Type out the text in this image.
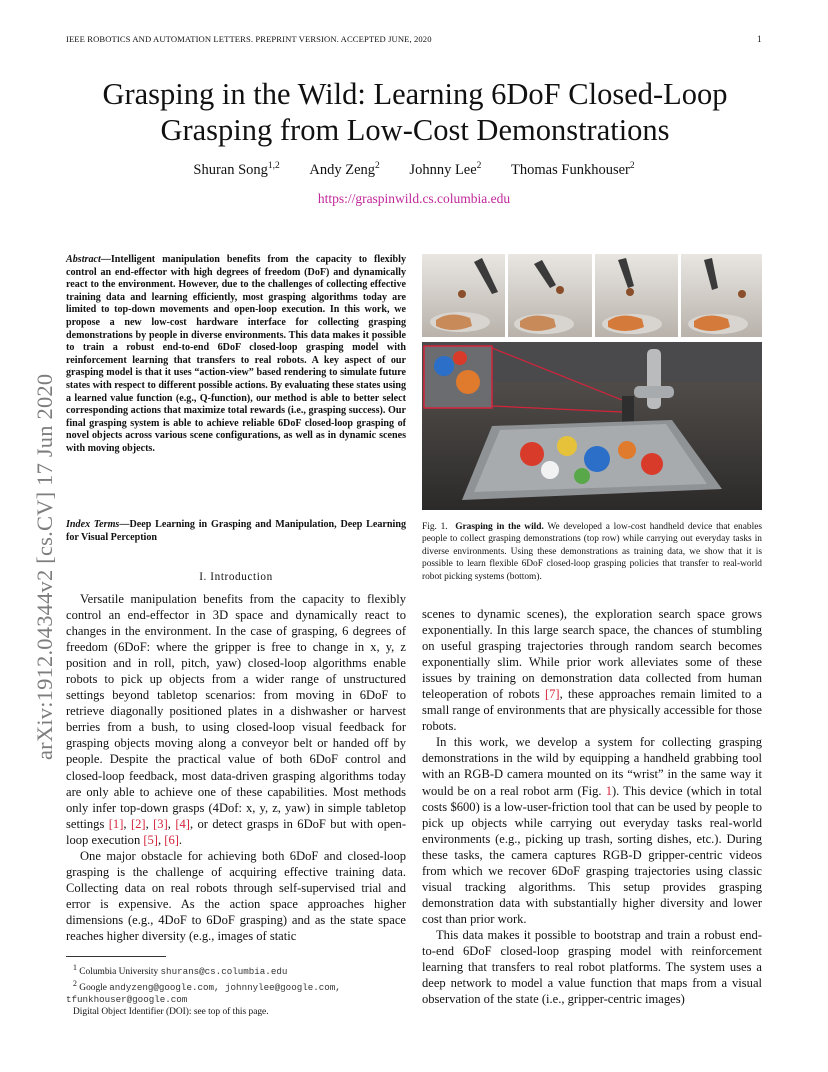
IEEE ROBOTICS AND AUTOMATION LETTERS. PREPRINT VERSION. ACCEPTED JUNE, 2020	1
Grasping in the Wild: Learning 6DoF Closed-Loop
Grasping from Low-Cost Demonstrations
Shuran Song$^{1,2}$ Andy Zeng$^2$ Johnny Lee$^2$ Thomas Funkhouser$^2$
https://graspinwild.cs.columbia.edu
arXiv:1912.04344v2 [cs.CV] 17 Jun 2020

Abstract—Intelligent manipulation benefits from the capacity to flexibly control an end-effector with high degrees of freedom (DoF) and dynamically react to the environment. However, due to the challenges of collecting effective training data and learning efficiently, most grasping algorithms today are limited to top-down movements and open-loop execution. In this work, we propose a new low-cost hardware interface for collecting grasping demonstrations by people in diverse environments. This data makes it possible to train a robust end-to-end 6DoF closed-loop grasping model with reinforcement learning that transfers to real robots. A key aspect of our grasping model is that it uses “action-view” based rendering to simulate future states with respect to different possible actions. By evaluating these states using a learned value function (e.g., Q-function), our method is able to better select corresponding actions that maximize total rewards (i.e., grasping success). Our final grasping system is able to achieve reliable 6DoF closed-loop grasping of novel objects across various scene configurations, as well as in dynamic scenes with moving objects.

Index Terms—Deep Learning in Grasping and Manipulation, Deep Learning for Visual Perception

I. Introduction

Versatile manipulation benefits from the capacity to flexibly control an end-effector in 3D space and dynamically react to changes in the environment. In the case of grasping, 6 degrees of freedom (6DoF: where the gripper is free to change in x, y, z position and in roll, pitch, yaw) closed-loop algorithms enable robots to pick up objects from a wider range of unstructured settings beyond tabletop scenarios: from moving in 6DoF to retrieve diagonally positioned plates in a dishwasher or harvest berries from a bush, to using closed-loop visual feedback for grasping objects moving along a conveyor belt or handed off by people. Despite the practical value of both 6DoF control and closed-loop feedback, most data-driven grasping algorithms today are only able to achieve one of these capabilities. Most methods only infer top-down grasps (4Dof: x, y, z, yaw) in simple tabletop settings [1], [2], [3], [4], or detect grasps in 6DoF but with open-loop execution [5], [6].

One major obstacle for achieving both 6DoF and closed-loop grasping is the challenge of acquiring effective training data. Collecting data on real robots through self-supervised trial and error is expensive. As the action space approaches higher dimensions (e.g., 4DoF to 6DoF grasping) and as the state space reaches higher diversity (e.g., images of static

$^1$ Columbia University shurans@cs.columbia.edu

$^2$ Google andyzeng@google.com, johnnylee@google.com, tfunkhouser@google.com

Digital Object Identifier (DOI): see top of this page.

Fig. 1. Grasping in the wild. We developed a low-cost handheld device that enables people to collect grasping demonstrations (top row) while carrying out everyday tasks in diverse environments. Using these demonstrations as training data, we show that it is possible to learn flexible 6DoF closed-loop grasping policies that transfer to real-world robot picking systems (bottom).

scenes to dynamic scenes), the exploration search space grows exponentially. In this large search space, the chances of stumbling on useful grasping trajectories through random search becomes exponentially slim. While prior work alleviates some of these issues by training on demonstration data collected from human teleoperation of robots [7], these approaches remain limited to a small range of environments that are physically accessible for those robots.

In this work, we develop a system for collecting grasping demonstrations in the wild by equipping a handheld grabbing tool with an RGB-D camera mounted on its “wrist” in the same way it would be on a real robot arm (Fig. 1). This device (which in total costs $600) is a low-user-friction tool that can be used by people to pick up objects while carrying out everyday tasks real-world environments (e.g., picking up trash, sorting dishes, etc.). During these tasks, the camera captures RGB-D gripper-centric videos from which we recover 6DoF grasping trajectories using classic visual tracking algorithms. This setup provides grasping demonstration data with substantially higher diversity and lower cost than prior work.

This data makes it possible to bootstrap and train a robust end-to-end 6DoF closed-loop grasping model with reinforcement learning that transfers to real robot platforms. The system uses a deep network to model a value function that maps from a visual observation of the state (i.e., gripper-centric images)
